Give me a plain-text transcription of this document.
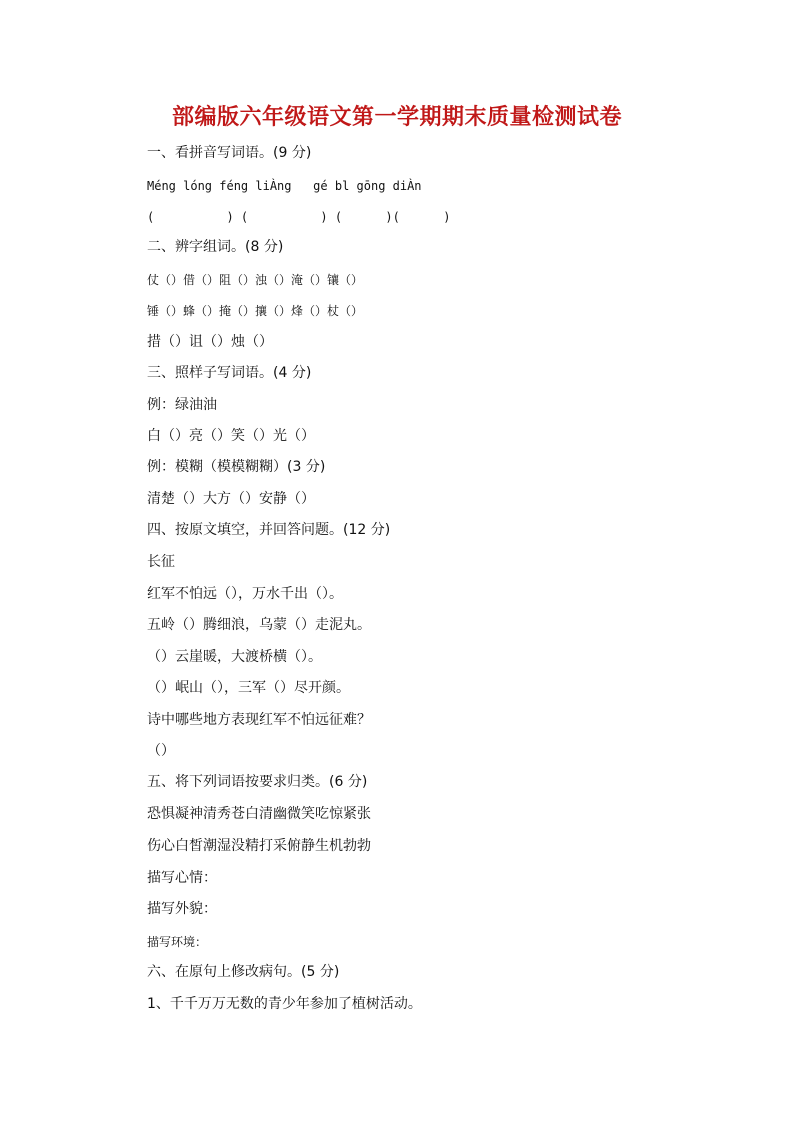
部编版六年级语文第一学期期末质量检测试卷
一、看拼音写词语。(9 分)
Méng lóng féng liÀng   gé bl gōng diÀn
(          ) (          ) (      )(      )
二、辨字组词。(8 分)
仗（）借（）阻（）浊（）淹（）镶（）
锤（）蜂（）掩（）攘（）烽（）杖（）
措（）诅（）烛（）
三、照样子写词语。(4 分)
例：绿油油
白（）亮（）笑（）光（）
例：模糊（模模糊糊）(3 分)
清楚（）大方（）安静（）
四、按原文填空，并回答问题。(12 分)
长征
红军不怕远（），万水千出（）。
五岭（）腾细浪，乌蒙（）走泥丸。
（）云崖暖，大渡桥横（）。
（）岷山（），三军（）尽开颜。
诗中哪些地方表现红军不怕远征难？
（）
五、将下列词语按要求归类。(6 分)
恐惧凝神清秀苍白清幽微笑吃惊紧张
伤心白皙潮湿没精打采俯静生机勃勃
描写心情：
描写外貌：
描写环境：
六、在原句上修改病句。(5 分)
1、千千万万无数的青少年参加了植树活动。
